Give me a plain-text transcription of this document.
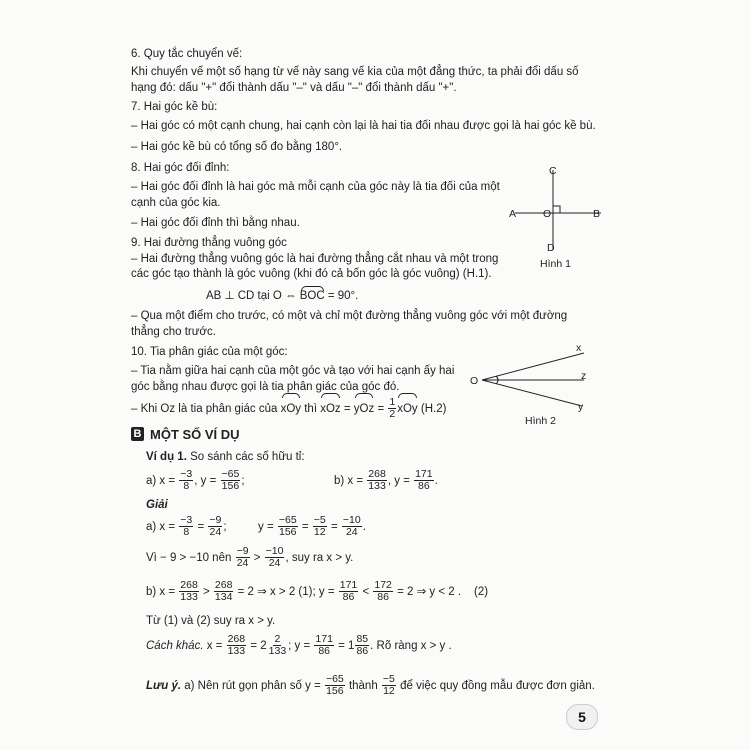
6. Quy tắc chuyển vế:
Khi chuyển vế một số hạng từ vế này sang vế kia của một đẳng thức, ta phải đổi dấu số
hạng đó: dấu "+" đổi thành dấu "–" và dấu "–" đổi thành dấu "+".
7. Hai góc kề bù:
– Hai góc có một cạnh chung, hai cạnh còn lại là hai tia đối nhau được gọi là hai góc kề bù.
– Hai góc kề bù có tổng số đo bằng 180°.
8. Hai góc đối đỉnh:
– Hai góc đối đỉnh là hai góc mà mỗi cạnh của góc này là tia đối của một
cạnh của góc kia.
– Hai góc đối đỉnh thì bằng nhau.
9. Hai đường thẳng vuông góc
– Hai đường thẳng vuông góc là hai đường thẳng cắt nhau và một trong
các góc tạo thành là góc vuông (khi đó cả bốn góc là góc vuông) (H.1).
AB ⊥ CD tại O ⇔ BOC = 90°.
– Qua một điểm cho trước, có một và chỉ một đường thẳng vuông góc với một đường
thẳng cho trước.
C
A	B
O
D
Hình 1
10. Tia phân giác của một góc:
– Tia nằm giữa hai cạnh của một góc và tạo với hai cạnh ấy hai
góc bằng nhau được gọi là tia phân giác của góc đó.
– Khi Oz là tia phân giác của xOy thì xOz = yOz = $\frac{1}{2}$ xOy (H.2)
O
x
z
y
Hình 2
B MỘT SỐ VÍ DỤ
Ví dụ 1. So sánh các số hữu tỉ:
a) $x = \frac{-3}{8}$ , $y = \frac{-65}{156}$ ;	b) $x = \frac{268}{133}$ , $y = \frac{171}{86}$ .
Giải
a) $x = \frac{-3}{8} = \frac{-9}{24}$ ;	$y = \frac{-65}{156} = \frac{-5}{12} = \frac{-10}{24}$ .
Vì − 9 > −10 nên $\frac{-9}{24} > \frac{-10}{24}$ , suy ra x > y.
b) $x = \frac{268}{133} > \frac{268}{134} = 2$ ⇒ x > 2 (1); $y = \frac{171}{86} < \frac{172}{86} = 2$ ⇒ y < 2 . (2)
Từ (1) và (2) suy ra x > y.
Cách khác. $x = \frac{268}{133} = 2 \frac{2}{133}$ ; $y = \frac{171}{86} = 1 \frac{85}{86}$ . Rõ ràng x > y .
Lưu ý. a) Nên rút gọn phân số $y = \frac{-65}{156}$ thành $\frac{-5}{12}$ để việc quy đồng mẫu được đơn giản.
5
